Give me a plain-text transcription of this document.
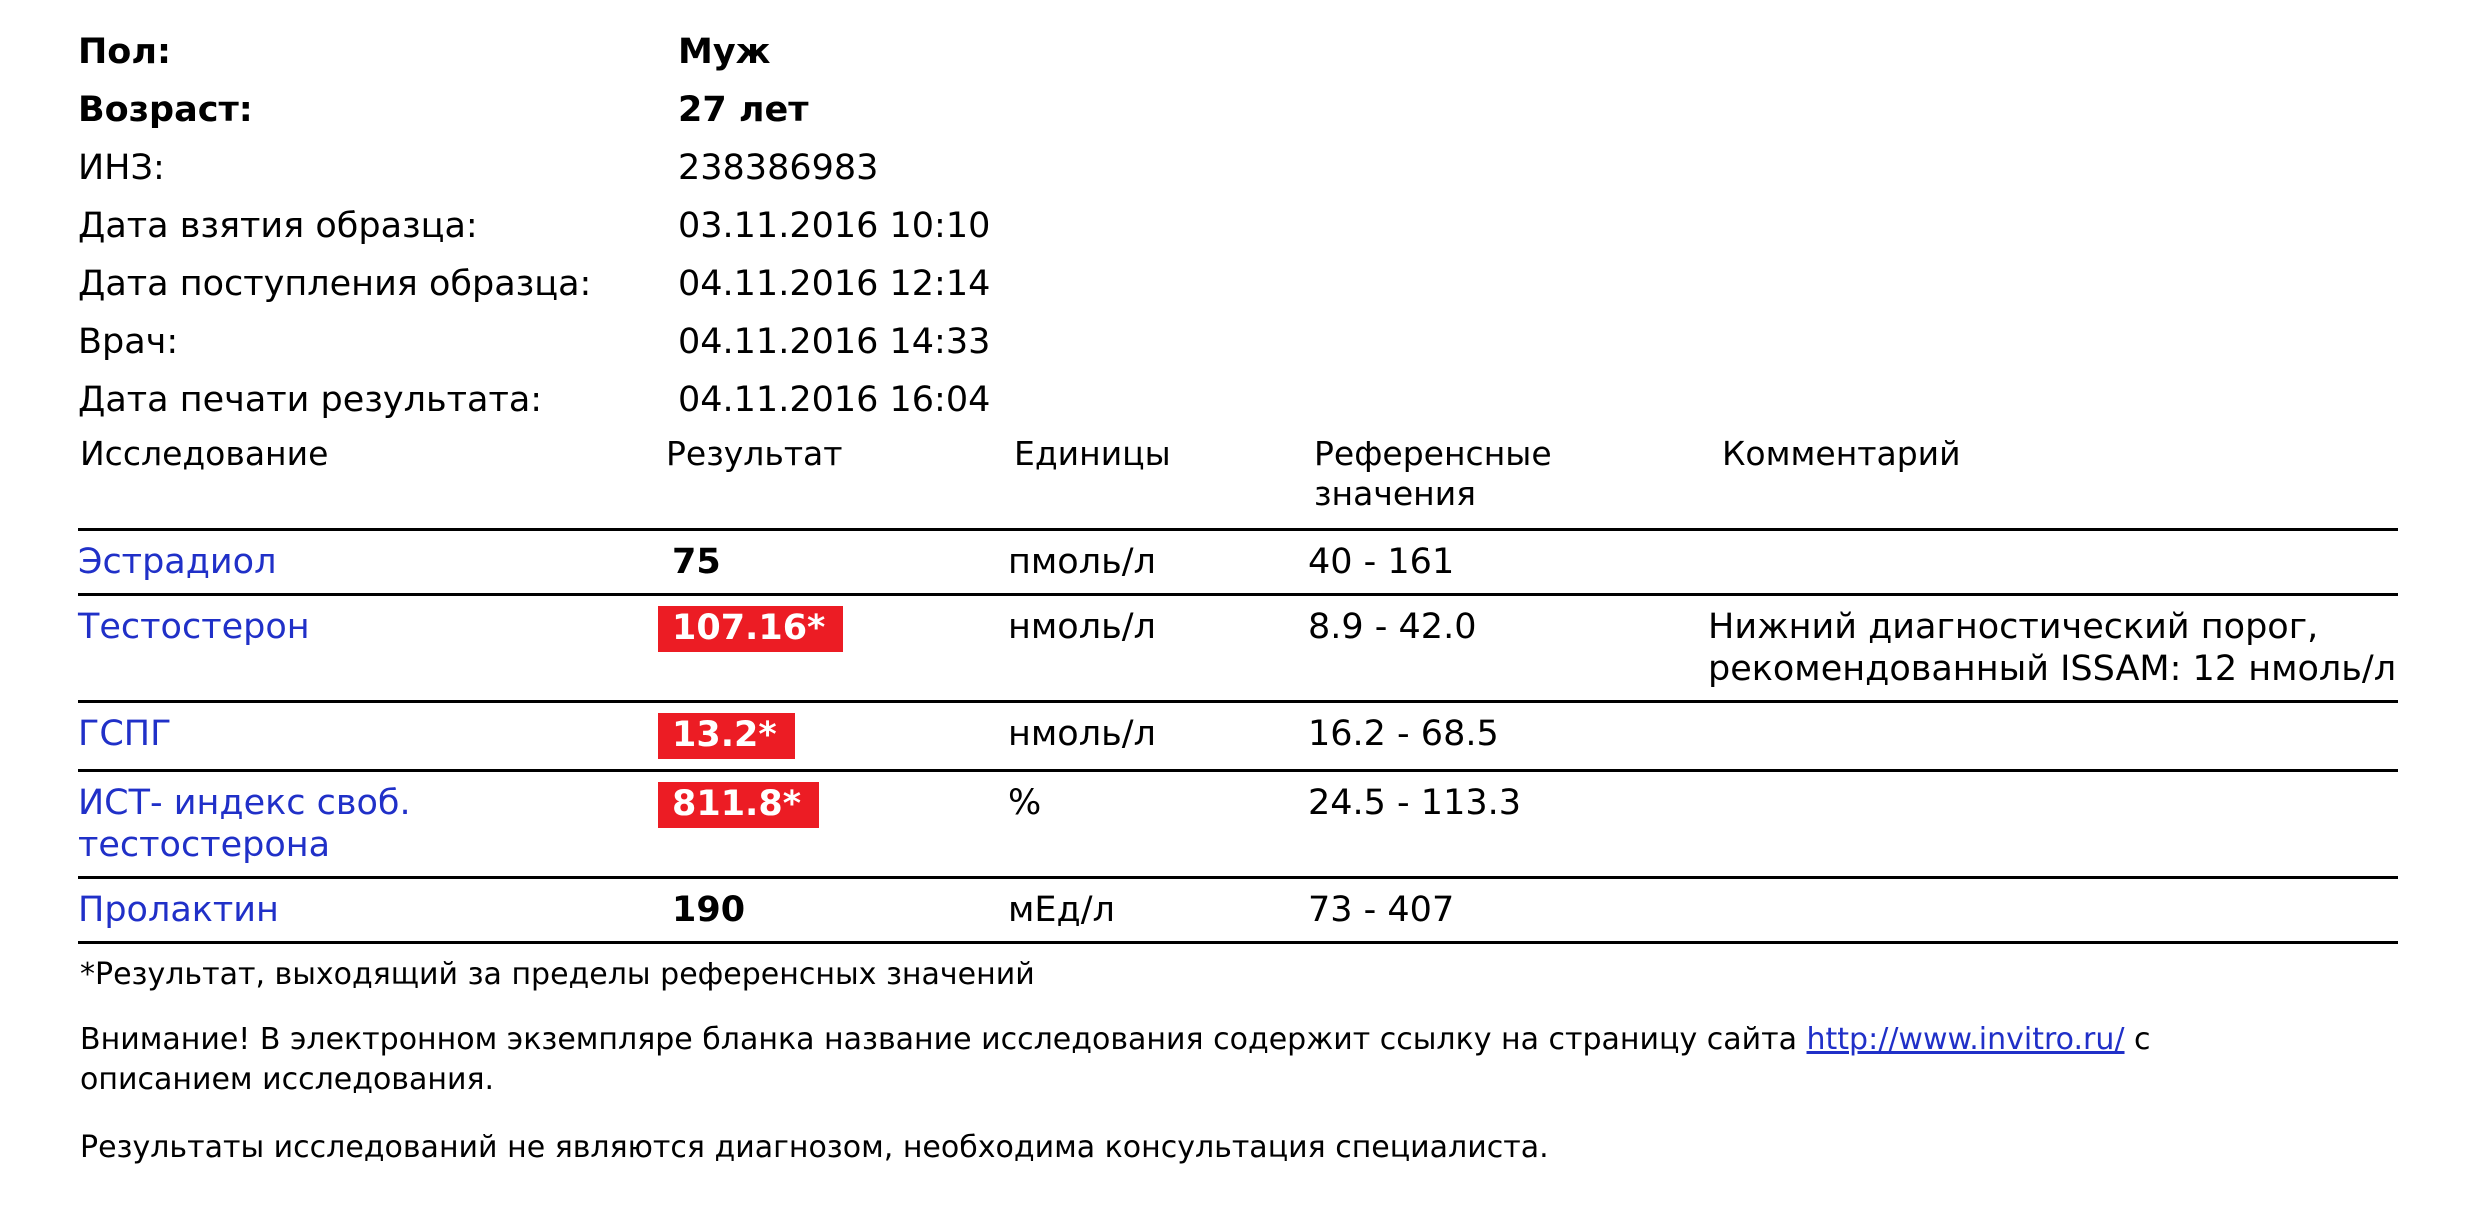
Пол:	Муж
Возраст:	27 лет
ИНЗ:	238386983
Дата взятия образца:	03.11.2016 10:10
Дата поступления образца:	04.11.2016 12:14
Врач:	04.11.2016 14:33
Дата печати результата:	04.11.2016 16:04
Исследование	Результат	Единицы	Референсные значения	Комментарий
Эстрадиол	75	пмоль/л	40 - 161	
Тестостерон	107.16*	нмоль/л	8.9 - 42.0	Нижний диагностический порог, рекомендованный ISSAM: 12 нмоль/л
ГСПГ	13.2*	нмоль/л	16.2 - 68.5	
ИСТ- индекс своб. тестостерона	811.8*	%	24.5 - 113.3	
Пролактин	190	мЕд/л	73 - 407	
*Результат, выходящий за пределы референсных значений
Внимание! В электронном экземпляре бланка название исследования содержит ссылку на страницу сайта http://www.invitro.ru/ с описанием исследования.
Результаты исследований не являются диагнозом, необходима консультация специалиста.
